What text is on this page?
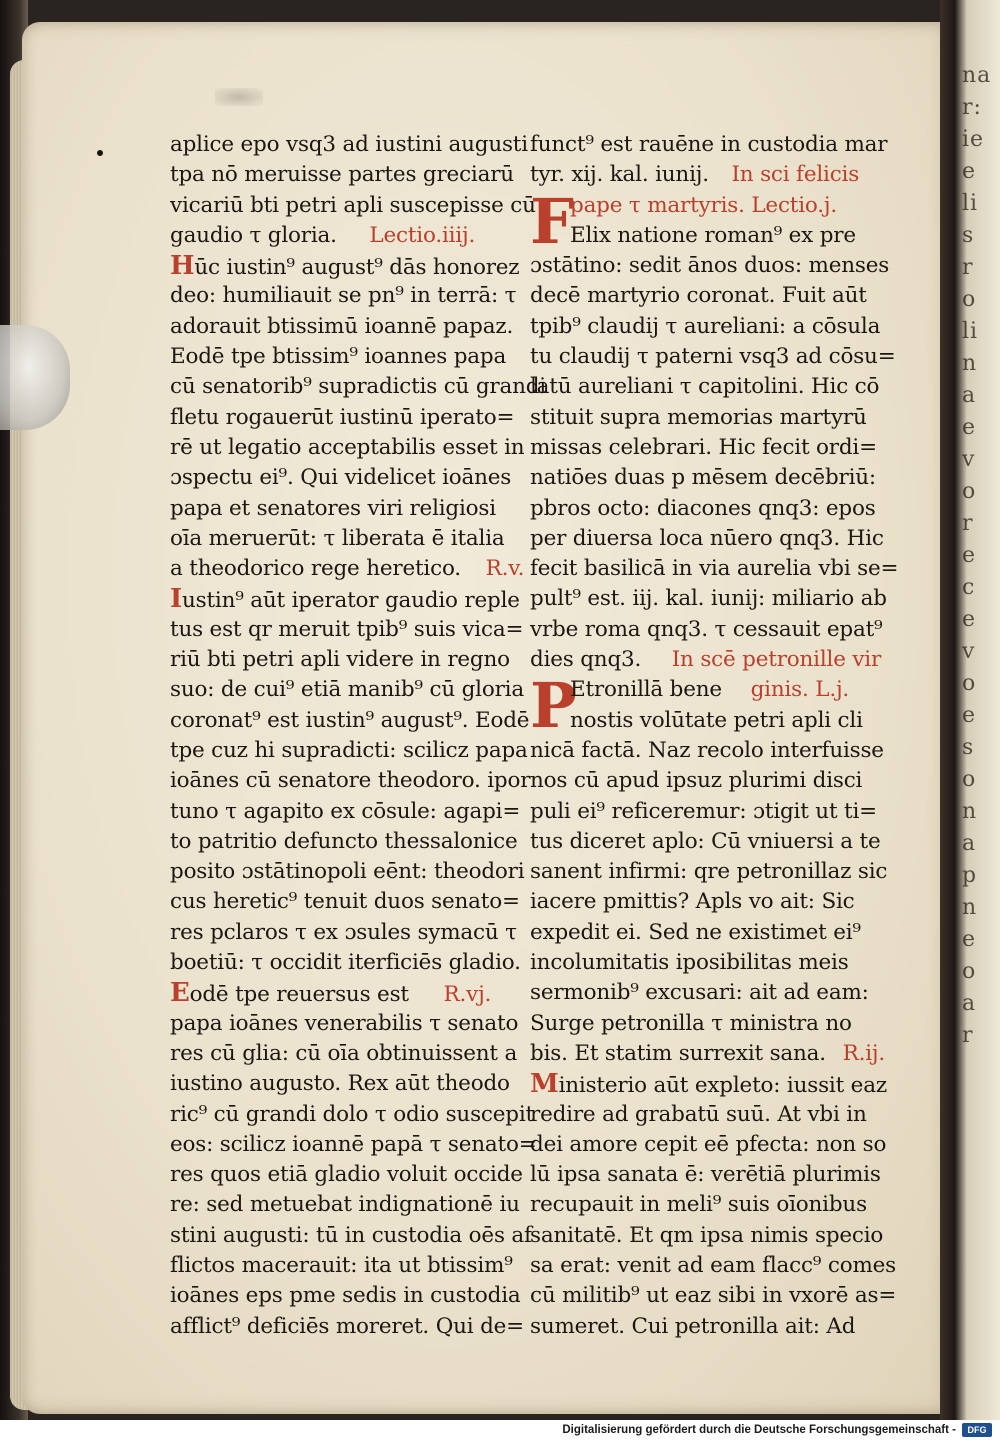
na
r:
ie
e
li
s
r
o
li
n
a
e
v
o
r
e
c
e
v
o
e
s
o
n
a
p
n
e
o
a
r
aplice epo vsq3 ad iustini augusti
tpa nō meruisse partes greciarū
vicariū bti petri apli suscepisse cū
gaudio τ gloria. Lectio.iiij.
Hūc iustin⁹ august⁹ dās honorez
deo: humiliauit se pn⁹ in terrā: τ
adorauit btissimū ioannē papaz.
Eodē tpe btissim⁹ ioannes papa
cū senatorib⁹ supradictis cū grandi
fletu rogauerūt iustinū iperato=
rē ut legatio acceptabilis esset in
ɔspectu ei⁹. Qui videlicet ioānes
papa et senatores viri religiosi
oīa meruerūt: τ liberata ē italia
a theodorico rege heretico. R.v.
Iustin⁹ aūt iperator gaudio reple
tus est qr meruit tpib⁹ suis vica=
riū bti petri apli videre in regno
suo: de cui⁹ etiā manib⁹ cū gloria
coronat⁹ est iustin⁹ august⁹. Eodē
tpe cuz hi supradicti: scilicz papa
ioānes cū senatore theodoro. ipor
tuno τ agapito ex cōsule: agapi=
to patritio defuncto thessalonice
posito ɔstātinopoli eēnt: theodori
cus heretic⁹ tenuit duos senato=
res pclaros τ ex ɔsules symacū τ
boetiū: τ occidit iterficiēs gladio.
Eodē tpe reuersus est R.vj.
papa ioānes venerabilis τ senato
res cū glia: cū oīa obtinuissent a
iustino augusto. Rex aūt theodo
ric⁹ cū grandi dolo τ odio suscepit
eos: scilicz ioannē papā τ senato=
res quos etiā gladio voluit occide
re: sed metuebat indignationē iu
stini augusti: tū in custodia oēs af
flictos macerauit: ita ut btissim⁹
ioānes eps pme sedis in custodia
afflict⁹ deficiēs moreret. Qui de=
funct⁹ est rauēne in custodia mar
tyr. xij. kal. iunij. In sci felicis
F
pape τ martyris. Lectio.j.
Elix natione roman⁹ ex pre
ɔstātino: sedit ānos duos: menses
decē martyrio coronat. Fuit aūt
tpib⁹ claudij τ aureliani: a cōsula
tu claudij τ paterni vsq3 ad cōsu=
latū aureliani τ capitolini. Hic cō
stituit supra memorias martyrū
missas celebrari. Hic fecit ordi=
natiōes duas p mēsem decēbriū:
pbros octo: diacones qnq3: epos
per diuersa loca nūero qnq3. Hic
fecit basilicā in via aurelia vbi se=
pult⁹ est. iij. kal. iunij: miliario ab
vrbe roma qnq3. τ cessauit epat⁹
dies qnq3. In scē petronille vir
P
Etronillā bene ginis. L.j.
nostis volūtate petri apli cli
nicā factā. Naz recolo interfuisse
nos cū apud ipsuz plurimi disci
puli ei⁹ reficeremur: ɔtigit ut ti=
tus diceret aplo: Cū vniuersi a te
sanent infirmi: qre petronillaz sic
iacere pmittis? Apls vo ait: Sic
expedit ei. Sed ne existimet ei⁹
incolumitatis iposibilitas meis
sermonib⁹ excusari: ait ad eam:
Surge petronilla τ ministra no
bis. Et statim surrexit sana. R.ij.
Ministerio aūt expleto: iussit eaz
redire ad grabatū suū. At vbi in
dei amore cepit eē pfecta: non so
lū ipsa sanata ē: verētiā plurimis
recupauit in meli⁹ suis oīonibus
sanitatē. Et qm ipsa nimis specio
sa erat: venit ad eam flacc⁹ comes
cū militib⁹ ut eaz sibi in vxorē as=
sumeret. Cui petronilla ait: Ad
Digitalisierung gefördert durch die Deutsche Forschungsgemeinschaft -	DFG
